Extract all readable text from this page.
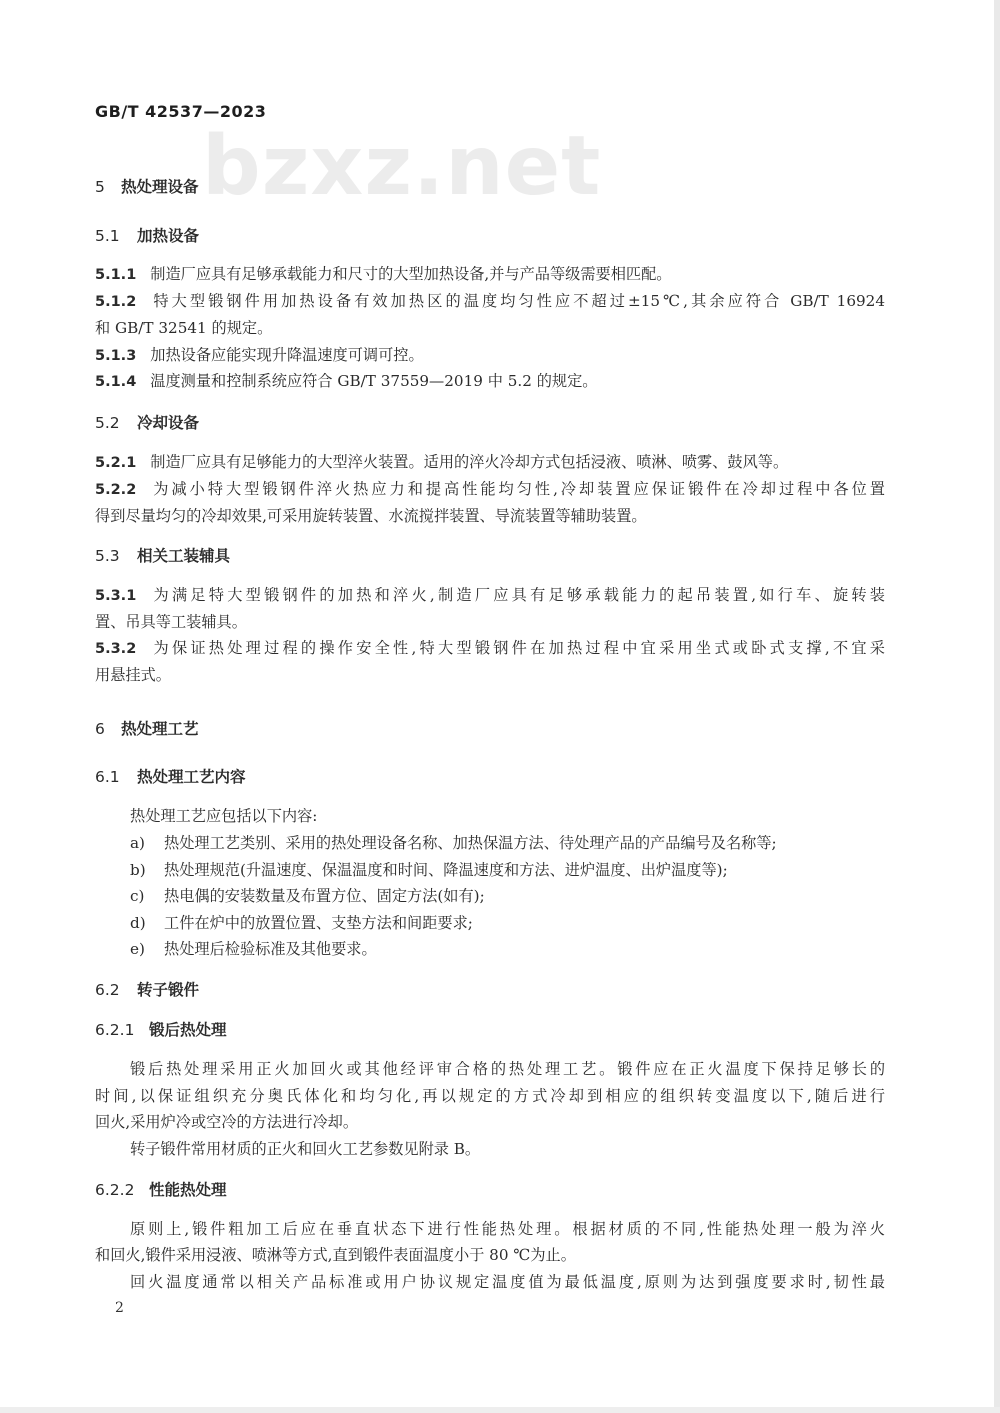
GB/T 42537—2023
bzxz.net
5 热处理设备
5.1 加热设备
5.1.1 制造厂应具有足够承载能力和尺寸的大型加热设备,并与产品等级需要相匹配。
5.1.2 特大型锻钢件用加热设备有效加热区的温度均匀性应不超过±15℃,其余应符合 GB/T 16924
和 GB/T 32541 的规定。
5.1.3 加热设备应能实现升降温速度可调可控。
5.1.4 温度测量和控制系统应符合 GB/T 37559—2019 中 5.2 的规定。
5.2 冷却设备
5.2.1 制造厂应具有足够能力的大型淬火装置。适用的淬火冷却方式包括浸液、喷淋、喷雾、鼓风等。
5.2.2 为减小特大型锻钢件淬火热应力和提高性能均匀性,冷却装置应保证锻件在冷却过程中各位置
得到尽量均匀的冷却效果,可采用旋转装置、水流搅拌装置、导流装置等辅助装置。
5.3 相关工装辅具
5.3.1 为满足特大型锻钢件的加热和淬火,制造厂应具有足够承载能力的起吊装置,如行车、旋转装
置、吊具等工装辅具。
5.3.2 为保证热处理过程的操作安全性,特大型锻钢件在加热过程中宜采用坐式或卧式支撑,不宜采
用悬挂式。
6 热处理工艺
6.1 热处理工艺内容
热处理工艺应包括以下内容:
a) 热处理工艺类别、采用的热处理设备名称、加热保温方法、待处理产品的产品编号及名称等;
b) 热处理规范(升温速度、保温温度和时间、降温速度和方法、进炉温度、出炉温度等);
c) 热电偶的安装数量及布置方位、固定方法(如有);
d) 工件在炉中的放置位置、支垫方法和间距要求;
e) 热处理后检验标准及其他要求。
6.2 转子锻件
6.2.1 锻后热处理
锻后热处理采用正火加回火或其他经评审合格的热处理工艺。锻件应在正火温度下保持足够长的
时间,以保证组织充分奥氏体化和均匀化,再以规定的方式冷却到相应的组织转变温度以下,随后进行
回火,采用炉冷或空冷的方法进行冷却。
转子锻件常用材质的正火和回火工艺参数见附录 B。
6.2.2 性能热处理
原则上,锻件粗加工后应在垂直状态下进行性能热处理。根据材质的不同,性能热处理一般为淬火
和回火,锻件采用浸液、喷淋等方式,直到锻件表面温度小于 80 ℃为止。
回火温度通常以相关产品标准或用户协议规定温度值为最低温度,原则为达到强度要求时,韧性最
2
